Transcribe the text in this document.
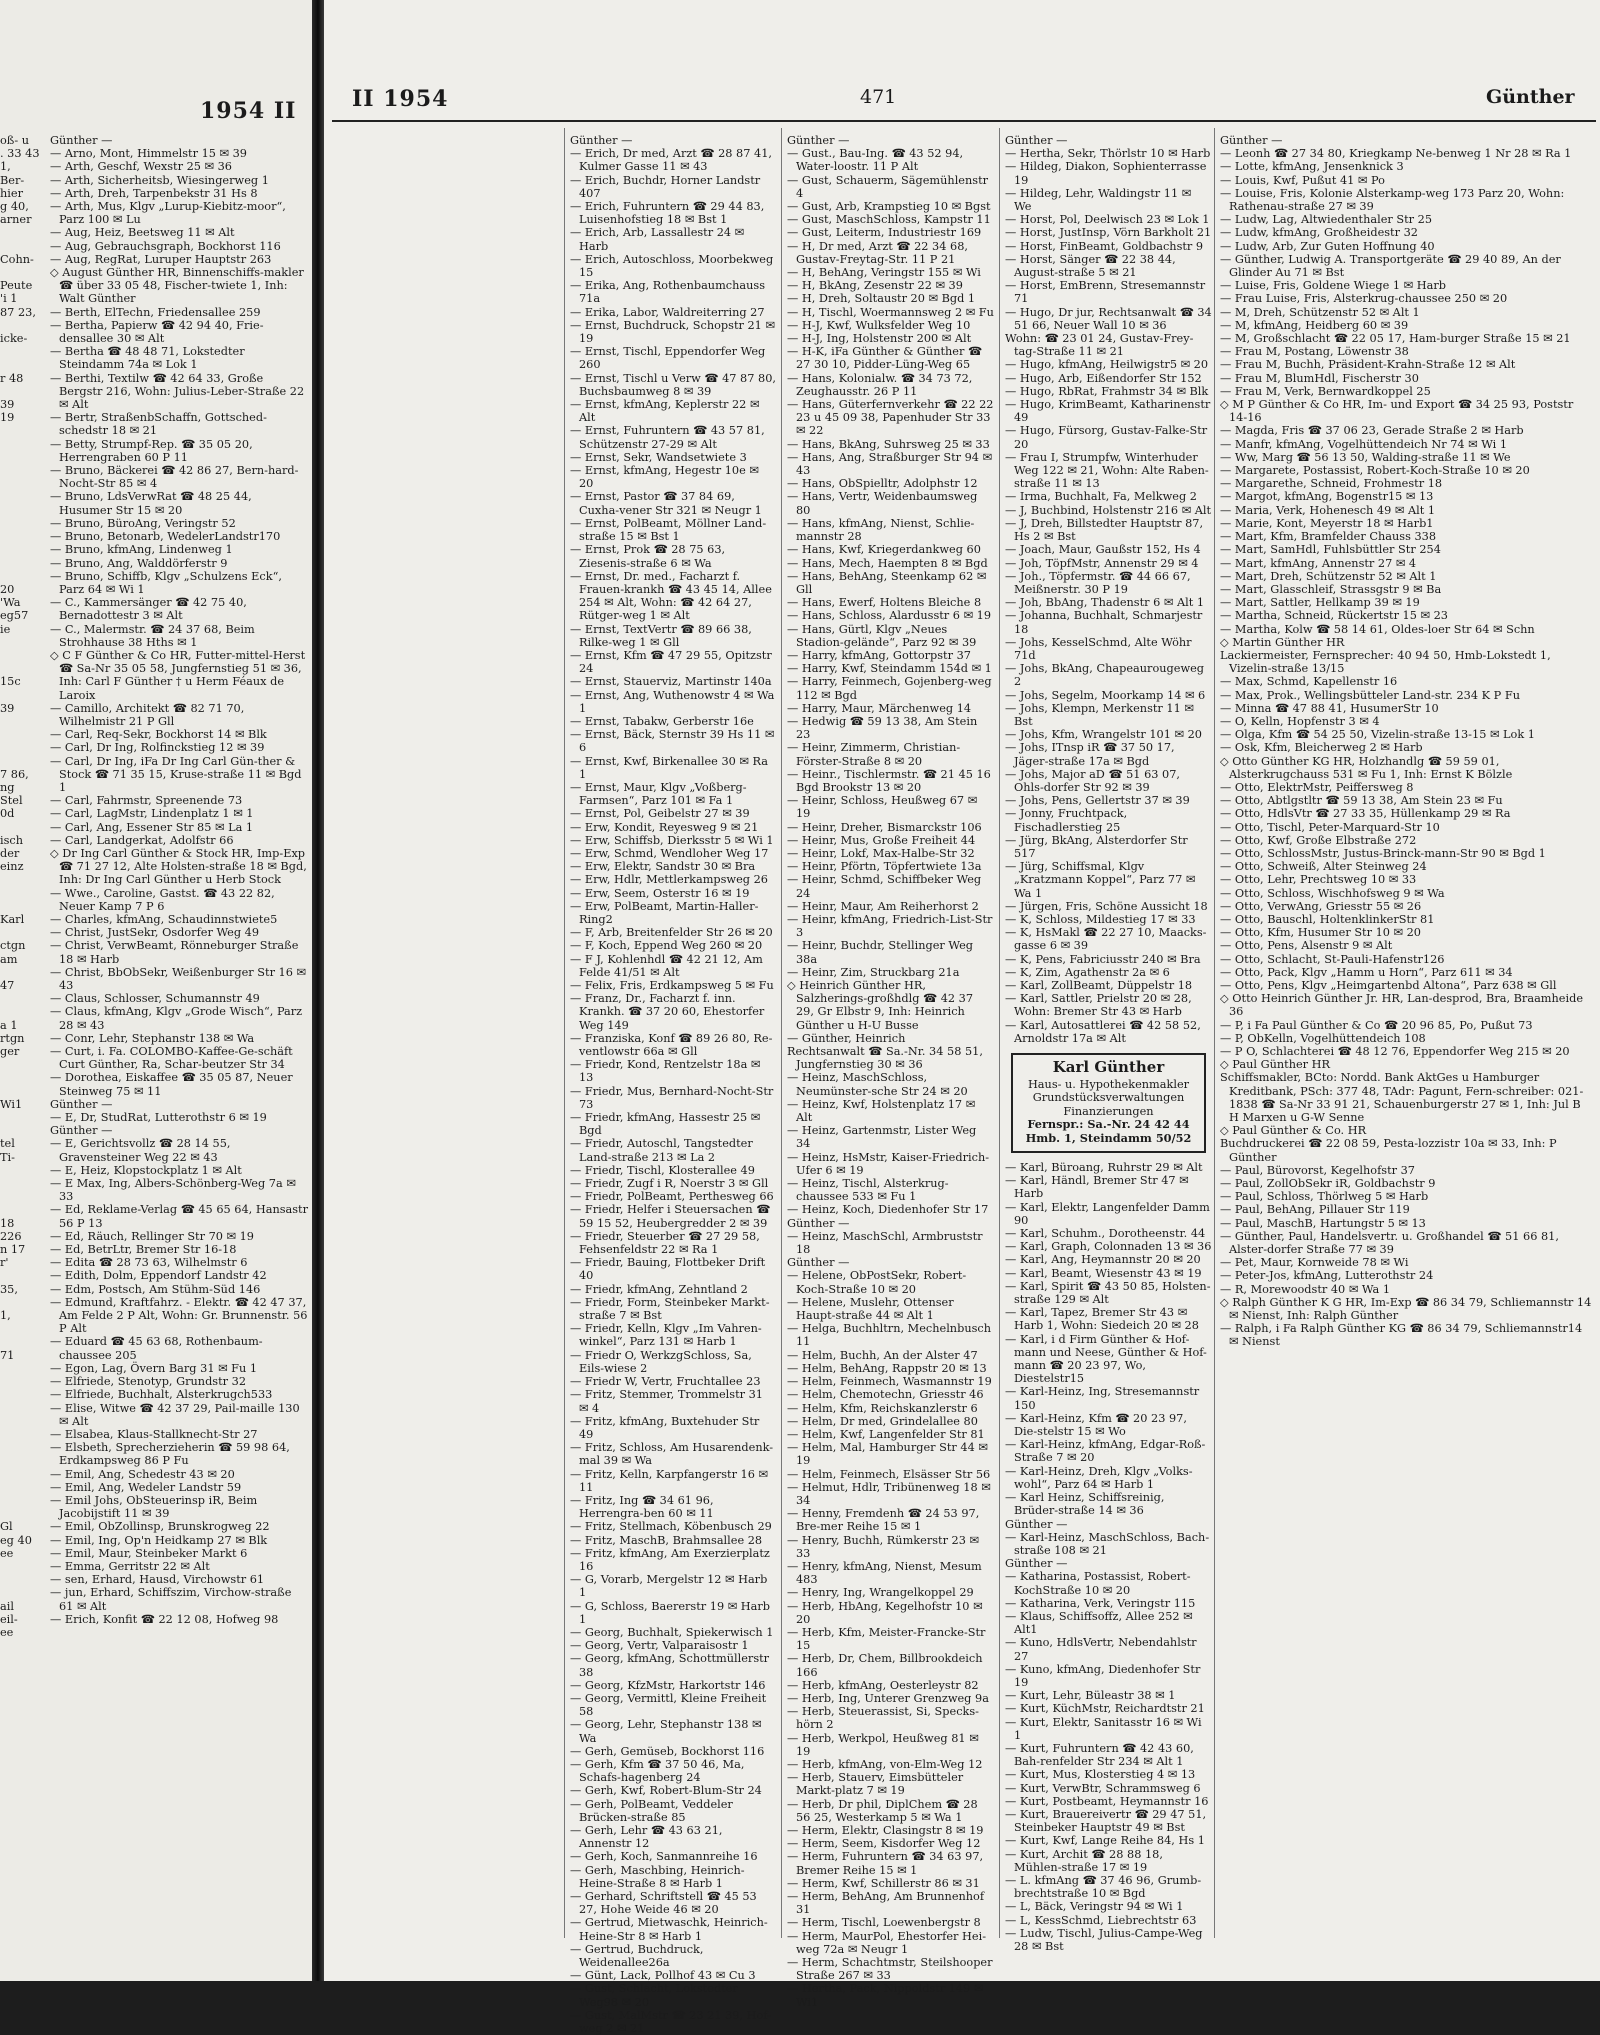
1954 II
oß- u
. 33 43
1,
Ber-
hier
g 40,
arner

Cohn-

Peute
'i 1
87 23,

icke-

r 48

39
19

20
'Wa
eg57
ie

15c

39

7 86,
ng
Stel
0d

isch
der
einz

Karl

ctgn
am

47

a 1
rtgn
ger

Wi1

tel
Ti-

18
226
n 17
r'

35,

1,

71

Gl
eg 40
ee

ail
eil-
ee
Günther —
— Arno, Mont, Himmelstr 15 ✉ 39
— Arth, Geschf, Wexstr 25 ✉ 36
— Arth, Sicherheitsb, Wiesingerweg 1
— Arth, Dreh, Tarpenbekstr 31 Hs 8
— Arth, Mus, Klgv „Lurup-Kiebitz-moor“, Parz 100 ✉ Lu
— Aug, Heiz, Beetsweg 11 ✉ Alt
— Aug, Gebrauchsgraph, Bockhorst 116
— Aug, RegRat, Luruper Hauptstr 263
◇ August Günther HR, Binnenschiffs-makler ☎ über 33 05 48, Fischer-twiete 1, Inh: Walt Günther
— Berth, ElTechn, Friedensallee 259
— Bertha, Papierw ☎ 42 94 40, Frie-densallee 30 ✉ Alt
— Bertha ☎ 48 48 71, Lokstedter Steindamm 74a ✉ Lok 1
— Berthi, Textilw ☎ 42 64 33, Große Bergstr 216, Wohn: Julius-Leber-Straße 22 ✉ Alt
— Bertr, StraßenbSchaffn, Gottsched-schedstr 18 ✉ 21
— Betty, Strumpf-Rep. ☎ 35 05 20, Herrengraben 60 P 11
— Bruno, Bäckerei ☎ 42 86 27, Bern-hard-Nocht-Str 85 ✉ 4
— Bruno, LdsVerwRat ☎ 48 25 44, Husumer Str 15 ✉ 20
— Bruno, BüroAng, Veringstr 52
— Bruno, Betonarb, WedelerLandstr170
— Bruno, kfmAng, Lindenweg 1
— Bruno, Ang, Walddörferstr 9
— Bruno, Schiffb, Klgv „Schulzens Eck“, Parz 64 ✉ Wi 1
— C., Kammersänger ☎ 42 75 40, Bernadottestr 3 ✉ Alt
— C., Malermstr. ☎ 24 37 68, Beim Strohhause 38 Hths ✉ 1
◇ C F Günther & Co HR, Futter-mittel-Herst ☎ Sa-Nr 35 05 58, Jungfernstieg 51 ✉ 36, Inh: Carl F Günther † u Herm Féaux de Laroix
— Camillo, Architekt ☎ 82 71 70, Wilhelmistr 21 P Gll
— Carl, Req-Sekr, Bockhorst 14 ✉ Blk
— Carl, Dr Ing, Rolfinckstieg 12 ✉ 39
— Carl, Dr Ing, iFa Dr Ing Carl Gün-ther & Stock ☎ 71 35 15, Kruse-straße 11 ✉ Bgd 1
— Carl, Fahrmstr, Spreenende 73
— Carl, LagMstr, Lindenplatz 1 ✉ 1
— Carl, Ang, Essener Str 85 ✉ La 1
— Carl, Landgerkat, Adolfstr 66
◇ Dr Ing Carl Günther & Stock HR, Imp-Exp ☎ 71 27 12, Alte Holsten-straße 18 ✉ Bgd, Inh: Dr Ing Carl Günther u Herb Stock
— Wwe., Caroline, Gastst. ☎ 43 22 82, Neuer Kamp 7 P 6
— Charles, kfmAng, Schaudinnstwiete5
— Christ, JustSekr, Osdorfer Weg 49
— Christ, VerwBeamt, Rönneburger Straße 18 ✉ Harb
— Christ, BbObSekr, Weißenburger Str 16 ✉ 43
— Claus, Schlosser, Schumannstr 49
— Claus, kfmAng, Klgv „Grode Wisch“, Parz 28 ✉ 43
— Conr, Lehr, Stephanstr 138 ✉ Wa
— Curt, i. Fa. COLOMBO-Kaffee-Ge-schäft Curt Günther, Ra, Schar-beutzer Str 34
— Dorothea, Eiskaffee ☎ 35 05 87, Neuer Steinweg 75 ✉ 11
Günther —
— E, Dr, StudRat, Lutterothstr 6 ✉ 19
Günther —
— E, Gerichtsvollz ☎ 28 14 55, Gravensteiner Weg 22 ✉ 43
— E, Heiz, Klopstockplatz 1 ✉ Alt
— E Max, Ing, Albers-Schönberg-Weg 7a ✉ 33
— Ed, Reklame-Verlag ☎ 45 65 64, Hansastr 56 P 13
— Ed, Räuch, Rellinger Str 70 ✉ 19
— Ed, BetrLtr, Bremer Str 16-18
— Edita ☎ 28 73 63, Wilhelmstr 6
— Edith, Dolm, Eppendorf Landstr 42
— Edm, Postsch, Am Stühm-Süd 146
— Edmund, Kraftfahrz. - Elektr. ☎ 42 47 37, Am Felde 2 P Alt, Wohn: Gr. Brunnenstr. 56 P Alt
— Eduard ☎ 45 63 68, Rothenbaum-chaussee 205
— Egon, Lag, Övern Barg 31 ✉ Fu 1
— Elfriede, Stenotyp, Grundstr 32
— Elfriede, Buchhalt, Alsterkrugch533
— Elise, Witwe ☎ 42 37 29, Pail-maille 130 ✉ Alt
— Elsabea, Klaus-Stallknecht-Str 27
— Elsbeth, Sprecherzieherin ☎ 59 98 64, Erdkampsweg 86 P Fu
— Emil, Ang, Schedestr 43 ✉ 20
— Emil, Ang, Wedeler Landstr 59
— Emil Johs, ObSteuerinsp iR, Beim Jacobijstift 11 ✉ 39
— Emil, ObZollinsp, Brunskrogweg 22
— Emil, Ing, Op'n Heidkamp 27 ✉ Blk
— Emil, Maur, Steinbeker Markt 6
— Emma, Gerritstr 22 ✉ Alt
— sen, Erhard, Hausd, Virchowstr 61
— jun, Erhard, Schiffszim, Virchow-straße 61 ✉ Alt
— Erich, Konfit ☎ 22 12 08, Hofweg 98
II 1954	471	Günther
Günther —
— Erich, Dr med, Arzt ☎ 28 87 41, Kulmer Gasse 11 ✉ 43
— Erich, Buchdr, Horner Landstr 407
— Erich, Fuhruntern ☎ 29 44 83, Luisenhofstieg 18 ✉ Bst 1
— Erich, Arb, Lassallestr 24 ✉ Harb
— Erich, Autoschloss, Moorbekweg 15
— Erika, Ang, Rothenbaumchauss 71a
— Erika, Labor, Waldreiterring 27
— Ernst, Buchdruck, Schopstr 21 ✉ 19
— Ernst, Tischl, Eppendorfer Weg 260
— Ernst, Tischl u Verw ☎ 47 87 80, Buchsbaumweg 8 ✉ 39
— Ernst, kfmAng, Keplerstr 22 ✉ Alt
— Ernst, Fuhruntern ☎ 43 57 81, Schützenstr 27-29 ✉ Alt
— Ernst, Sekr, Wandsetwiete 3
— Ernst, kfmAng, Hegestr 10e ✉ 20
— Ernst, Pastor ☎ 37 84 69, Cuxha-vener Str 321 ✉ Neugr 1
— Ernst, PolBeamt, Möllner Land-straße 15 ✉ Bst 1
— Ernst, Prok ☎ 28 75 63, Ziesenis-straße 6 ✉ Wa
— Ernst, Dr. med., Facharzt f. Frauen-krankh ☎ 43 45 14, Allee 254 ✉ Alt, Wohn: ☎ 42 64 27, Rütger-weg 1 ✉ Alt
— Ernst, TextVertr ☎ 89 66 38, Rilke-weg 1 ✉ Gll
— Ernst, Kfm ☎ 47 29 55, Opitzstr 24
— Ernst, Stauerviz, Martinstr 140a
— Ernst, Ang, Wuthenowstr 4 ✉ Wa 1
— Ernst, Tabakw, Gerberstr 16e
— Ernst, Bäck, Sternstr 39 Hs 11 ✉ 6
— Ernst, Kwf, Birkenallee 30 ✉ Ra 1
— Ernst, Maur, Klgv „Voßberg-Farmsen“, Parz 101 ✉ Fa 1
— Ernst, Pol, Geibelstr 27 ✉ 39
— Erw, Kondit, Reyesweg 9 ✉ 21
— Erw, Schiffsb, Dierksstr 5 ✉ Wi 1
— Erw, Schmd, Wendloher Weg 17
— Erw, Elektr, Sandstr 30 ✉ Bra
— Erw, Hdlr, Mettlerkampsweg 26
— Erw, Seem, Osterstr 16 ✉ 19
— Erw, PolBeamt, Martin-Haller-Ring2
— F, Arb, Breitenfelder Str 26 ✉ 20
— F, Koch, Eppend Weg 260 ✉ 20
— F J, Kohlenhdl ☎ 42 21 12, Am Felde 41/51 ✉ Alt
— Felix, Fris, Erdkampsweg 5 ✉ Fu
— Franz, Dr., Facharzt f. inn. Krankh. ☎ 37 20 60, Ehestorfer Weg 149
— Franziska, Konf ☎ 89 26 80, Re-ventlowstr 66a ✉ Gll
— Friedr, Kond, Rentzelstr 18a ✉ 13
— Friedr, Mus, Bernhard-Nocht-Str 73
— Friedr, kfmAng, Hassestr 25 ✉ Bgd
— Friedr, Autoschl, Tangstedter Land-straße 213 ✉ La 2
— Friedr, Tischl, Klosterallee 49
— Friedr, Zugf i R, Noerstr 3 ✉ Gll
— Friedr, PolBeamt, Perthesweg 66
— Friedr, Helfer i Steuersachen ☎ 59 15 52, Heubergredder 2 ✉ 39
— Friedr, Steuerber ☎ 27 29 58, Fehsenfeldstr 22 ✉ Ra 1
— Friedr, Bauing, Flottbeker Drift 40
— Friedr, kfmAng, Zehntland 2
— Friedr, Form, Steinbeker Markt-straße 7 ✉ Bst
— Friedr, Kelln, Klgv „Im Vahren-winkel“, Parz 131 ✉ Harb 1
— Friedr O, WerkzgSchloss, Sa, Eils-wiese 2
— Friedr W, Vertr, Fruchtallee 23
— Fritz, Stemmer, Trommelstr 31 ✉ 4
— Fritz, kfmAng, Buxtehuder Str 49
— Fritz, Schloss, Am Husarendenk-mal 39 ✉ Wa
— Fritz, Kelln, Karpfangerstr 16 ✉ 11
— Fritz, Ing ☎ 34 61 96, Herrengra-ben 60 ✉ 11
— Fritz, Stellmach, Köbenbusch 29
— Fritz, MaschB, Brahmsallee 28
— Fritz, kfmAng, Am Exerzierplatz 16
— G, Vorarb, Mergelstr 12 ✉ Harb 1
— G, Schloss, Baererstr 19 ✉ Harb 1
— Georg, Buchhalt, Spiekerwisch 1
— Georg, Vertr, Valparaisostr 1
— Georg, kfmAng, Schottmüllerstr 38
— Georg, KfzMstr, Harkortstr 146
— Georg, Vermittl, Kleine Freiheit 58
— Georg, Lehr, Stephanstr 138 ✉ Wa
— Gerh, Gemüseb, Bockhorst 116
— Gerh, Kfm ☎ 37 50 46, Ma, Schafs-hagenberg 24
— Gerh, Kwf, Robert-Blum-Str 24
— Gerh, PolBeamt, Veddeler Brücken-straße 85
— Gerh, Lehr ☎ 43 63 21, Annenstr 12
— Gerh, Koch, Sanmannreihe 16
— Gerh, Maschbing, Heinrich-Heine-Straße 8 ✉ Harb 1
— Gerhard, Schriftstell ☎ 45 53 27, Hohe Weide 46 ✉ 20
— Gertrud, Mietwaschk, Heinrich-Heine-Str 8 ✉ Harb 1
— Gertrud, Buchdruck, Weidenallee26a
— Günt, Lack, Pollhof 43 ✉ Cu 3
— Gust, Schlacht, Lokstedter Weg98 ✉ 20
— Gust, MalMstr ☎ 23 21 39, Hof-weg 2 ✉ 21
Günther —
— Gust., Bau-Ing. ☎ 43 52 94, Water-loostr. 11 P Alt
— Gust, Schauerm, Sägemühlenstr 4
— Gust, Arb, Krampstieg 10 ✉ Bgst
— Gust, MaschSchloss, Kampstr 11
— Gust, Leiterm, Industriestr 169
— H, Dr med, Arzt ☎ 22 34 68, Gustav-Freytag-Str. 11 P 21
— H, BehAng, Veringstr 155 ✉ Wi
— H, BkAng, Zesenstr 22 ✉ 39
— H, Dreh, Soltaustr 20 ✉ Bgd 1
— H, Tischl, Woermannsweg 2 ✉ Fu
— H-J, Kwf, Wulksfelder Weg 10
— H-J, Ing, Holstenstr 200 ✉ Alt
— H-K, iFa Günther & Günther ☎ 27 30 10, Pidder-Lüng-Weg 65
— Hans, Kolonialw. ☎ 34 73 72, Zeughausstr. 26 P 11
— Hans, Güterfernverkehr ☎ 22 22 23 u 45 09 38, Papenhuder Str 33 ✉ 22
— Hans, BkAng, Suhrsweg 25 ✉ 33
— Hans, Ang, Straßburger Str 94 ✉ 43
— Hans, ObSpielltr, Adolphstr 12
— Hans, Vertr, Weidenbaumsweg 80
— Hans, kfmAng, Nienst, Schlie-mannstr 28
— Hans, Kwf, Kriegerdankweg 60
— Hans, Mech, Haempten 8 ✉ Bgd
— Hans, BehAng, Steenkamp 62 ✉ Gll
— Hans, Ewerf, Holtens Bleiche 8
— Hans, Schloss, Alardusstr 6 ✉ 19
— Hans, Gürtl, Klgv „Neues Stadion-gelände“, Parz 92 ✉ 39
— Harry, kfmAng, Gottorpstr 37
— Harry, Kwf, Steindamm 154d ✉ 1
— Harry, Feinmech, Gojenberg-weg 112 ✉ Bgd
— Harry, Maur, Märchenweg 14
— Hedwig ☎ 59 13 38, Am Stein 23
— Heinr, Zimmerm, Christian-Förster-Straße 8 ✉ 20
— Heinr., Tischlermstr. ☎ 21 45 16 Bgd Brookstr 13 ✉ 20
— Heinr, Schloss, Heußweg 67 ✉ 19
— Heinr, Dreher, Bismarckstr 106
— Heinr, Mus, Große Freiheit 44
— Heinr, Lokf, Max-Halbe-Str 32
— Heinr, Pförtn, Töpfertwiete 13a
— Heinr, Schmd, Schiffbeker Weg 24
— Heinr, Maur, Am Reiherhorst 2
— Heinr, kfmAng, Friedrich-List-Str 3
— Heinr, Buchdr, Stellinger Weg 38a
— Heinr, Zim, Struckbarg 21a
◇ Heinrich Günther HR, Salzherings-großhdlg ☎ 42 37 29, Gr Elbstr 9, Inh: Heinrich Günther u H-U Busse
— Günther, Heinrich
Rechtsanwalt ☎ Sa.-Nr. 34 58 51, Jungfernstieg 30 ✉ 36
— Heinz, MaschSchloss, Neumünster-sche Str 24 ✉ 20
— Heinz, Kwf, Holstenplatz 17 ✉ Alt
— Heinz, Gartenmstr, Lister Weg 34
— Heinz, HsMstr, Kaiser-Friedrich-Ufer 6 ✉ 19
— Heinz, Tischl, Alsterkrug-chaussee 533 ✉ Fu 1
— Heinz, Koch, Diedenhofer Str 17
Günther —
— Heinz, MaschSchl, Armbruststr 18
Günther —
— Helene, ObPostSekr, Robert-Koch-Straße 10 ✉ 20
— Helene, Muslehr, Ottenser Haupt-straße 44 ✉ Alt 1
— Helga, Buchhltrn, Mechelnbusch 11
— Helm, Buchh, An der Alster 47
— Helm, BehAng, Rappstr 20 ✉ 13
— Helm, Feinmech, Wasmannstr 19
— Helm, Chemotechn, Griesstr 46
— Helm, Kfm, Reichskanzlerstr 6
— Helm, Dr med, Grindelallee 80
— Helm, Kwf, Langenfelder Str 81
— Helm, Mal, Hamburger Str 44 ✉ 19
— Helm, Feinmech, Elsässer Str 56
— Helmut, Hdlr, Tribünenweg 18 ✉ 34
— Henny, Fremdenh ☎ 24 53 97, Bre-mer Reihe 15 ✉ 1
— Henry, Buchh, Rümkerstr 23 ✉ 33
— Henry, kfmAng, Nienst, Mesum 483
— Henry, Ing, Wrangelkoppel 29
— Herb, HbAng, Kegelhofstr 10 ✉ 20
— Herb, Kfm, Meister-Francke-Str 15
— Herb, Dr, Chem, Billbrookdeich 166
— Herb, kfmAng, Oesterleystr 82
— Herb, Ing, Unterer Grenzweg 9a
— Herb, Steuerassist, Si, Specks-hörn 2
— Herb, Werkpol, Heußweg 81 ✉ 19
— Herb, kfmAng, von-Elm-Weg 12
— Herb, Stauerv, Eimsbütteler Markt-platz 7 ✉ 19
— Herb, Dr phil, DiplChem ☎ 28 56 25, Westerkamp 5 ✉ Wa 1
— Herm, Elektr, Clasingstr 8 ✉ 19
— Herm, Seem, Kisdorfer Weg 12
— Herm, Fuhruntern ☎ 34 63 97, Bremer Reihe 15 ✉ 1
— Herm, Kwf, Schillerstr 86 ✉ 31
— Herm, BehAng, Am Brunnenhof 31
— Herm, Tischl, Loewenbergstr 8
— Herm, MaurPol, Ehestorfer Hei-weg 72a ✉ Neugr 1
— Herm, Schachtmstr, Steilshooper Straße 267 ✉ 33
— Hertha, Pack, Nippoldstr 149 ✉ Wi1
Günther —
— Hertha, Sekr, Thörlstr 10 ✉ Harb
— Hildeg, Diakon, Sophienterrasse 19
— Hildeg, Lehr, Waldingstr 11 ✉ We
— Horst, Pol, Deelwisch 23 ✉ Lok 1
— Horst, JustInsp, Vörn Barkholt 21
— Horst, FinBeamt, Goldbachstr 9
— Horst, Sänger ☎ 22 38 44, August-straße 5 ✉ 21
— Horst, EmBrenn, Stresemannstr 71
— Hugo, Dr jur, Rechtsanwalt ☎ 34 51 66, Neuer Wall 10 ✉ 36
Wohn: ☎ 23 01 24, Gustav-Frey-tag-Straße 11 ✉ 21
— Hugo, kfmAng, Heilwigstr5 ✉ 20
— Hugo, Arb, Eißendorfer Str 152
— Hugo, RbRat, Frahmstr 34 ✉ Blk
— Hugo, KrimBeamt, Katharinenstr 49
— Hugo, Fürsorg, Gustav-Falke-Str 20
— Frau I, Strumpfw, Winterhuder Weg 122 ✉ 21, Wohn: Alte Raben-straße 11 ✉ 13
— Irma, Buchhalt, Fa, Melkweg 2
— J, Buchbind, Holstenstr 216 ✉ Alt
— J, Dreh, Billstedter Hauptstr 87, Hs 2 ✉ Bst
— Joach, Maur, Gaußstr 152, Hs 4
— Joh, TöpfMstr, Annenstr 29 ✉ 4
— Joh., Töpfermstr. ☎ 44 66 67, Meißnerstr. 30 P 19
— Joh, BbAng, Thadenstr 6 ✉ Alt 1
— Johanna, Buchhalt, Schmarjestr 18
— Johs, KesselSchmd, Alte Wöhr 71d
— Johs, BkAng, Chapeaurougeweg 2
— Johs, Segelm, Moorkamp 14 ✉ 6
— Johs, Klempn, Merkenstr 11 ✉ Bst
— Johs, Kfm, Wrangelstr 101 ✉ 20
— Johs, ITnsp iR ☎ 37 50 17, Jäger-straße 17a ✉ Bgd
— Johs, Major aD ☎ 51 63 07, Ohls-dorfer Str 92 ✉ 39
— Johs, Pens, Gellertstr 37 ✉ 39
— Jonny, Fruchtpack, Fischadlerstieg 25
— Jürg, BkAng, Alsterdorfer Str 517
— Jürg, Schiffsmal, Klgv „Kratzmann Koppel“, Parz 77 ✉ Wa 1
— Jürgen, Fris, Schöne Aussicht 18
— K, Schloss, Mildestieg 17 ✉ 33
— K, HsMakl ☎ 22 27 10, Maacks-gasse 6 ✉ 39
— K, Pens, Fabriciusstr 240 ✉ Bra
— K, Zim, Agathenstr 2a ✉ 6
— Karl, ZollBeamt, Düppelstr 18
— Karl, Sattler, Prielstr 20 ✉ 28, Wohn: Bremer Str 43 ✉ Harb
— Karl, Autosattlerei ☎ 42 58 52, Arnoldstr 17a ✉ Alt
Karl Günther
Haus- u. Hypothekenmakler
Grundstücksverwaltungen
Finanzierungen
Fernspr.: Sa.-Nr. 24 42 44
Hmb. 1, Steindamm 50/52
— Karl, Büroang, Ruhrstr 29 ✉ Alt
— Karl, Händl, Bremer Str 47 ✉ Harb
— Karl, Elektr, Langenfelder Damm 90
— Karl, Schuhm., Dorotheenstr. 44
— Karl, Graph, Colonnaden 13 ✉ 36
— Karl, Ang, Heymannstr 20 ✉ 20
— Karl, Beamt, Wiesenstr 43 ✉ 19
— Karl, Spirit ☎ 43 50 85, Holsten-straße 129 ✉ Alt
— Karl, Tapez, Bremer Str 43 ✉ Harb 1, Wohn: Siedeich 20 ✉ 28
— Karl, i d Firm Günther & Hof-mann und Neese, Günther & Hof-mann ☎ 20 23 97, Wo, Diestelstr15
— Karl-Heinz, Ing, Stresemannstr 150
— Karl-Heinz, Kfm ☎ 20 23 97, Die-stelstr 15 ✉ Wo
— Karl-Heinz, kfmAng, Edgar-Roß-Straße 7 ✉ 20
— Karl-Heinz, Dreh, Klgv „Volks-wohl“, Parz 64 ✉ Harb 1
— Karl Heinz, Schiffsreinig, Brüder-straße 14 ✉ 36
Günther —
— Karl-Heinz, MaschSchloss, Bach-straße 108 ✉ 21
Günther —
— Katharina, Postassist, Robert-KochStraße 10 ✉ 20
— Katharina, Verk, Veringstr 115
— Klaus, Schiffsoffz, Allee 252 ✉ Alt1
— Kuno, HdlsVertr, Nebendahlstr 27
— Kuno, kfmAng, Diedenhofer Str 19
— Kurt, Lehr, Büleastr 38 ✉ 1
— Kurt, KüchMstr, Reichardtstr 21
— Kurt, Elektr, Sanitasstr 16 ✉ Wi 1
— Kurt, Fuhruntern ☎ 42 43 60, Bah-renfelder Str 234 ✉ Alt 1
— Kurt, Mus, Klosterstieg 4 ✉ 13
— Kurt, VerwBtr, Schrammsweg 6
— Kurt, Postbeamt, Heymannstr 16
— Kurt, Brauereivertr ☎ 29 47 51, Steinbeker Hauptstr 49 ✉ Bst
— Kurt, Kwf, Lange Reihe 84, Hs 1
— Kurt, Archit ☎ 28 88 18, Mühlen-straße 17 ✉ 19
— L. kfmAng ☎ 37 46 96, Grumb-brechtstraße 10 ✉ Bgd
— L, Bäck, Veringstr 94 ✉ Wi 1
— L, KessSchmd, Liebrechtstr 63
— Ludw, Tischl, Julius-Campe-Weg 28 ✉ Bst
Günther —
— Leonh ☎ 27 34 80, Kriegkamp Ne-benweg 1 Nr 28 ✉ Ra 1
— Lotte, kfmAng, Jensenknick 3
— Louis, Kwf, Pußut 41 ✉ Po
— Louise, Fris, Kolonie Alsterkamp-weg 173 Parz 20, Wohn: Rathenau-straße 27 ✉ 39
— Ludw, Lag, Altwiedenthaler Str 25
— Ludw, kfmAng, Großheidestr 32
— Ludw, Arb, Zur Guten Hoffnung 40
— Günther, Ludwig A. Transportgeräte ☎ 29 40 89, An der Glinder Au 71 ✉ Bst
— Luise, Fris, Goldene Wiege 1 ✉ Harb
— Frau Luise, Fris, Alsterkrug-chaussee 250 ✉ 20
— M, Dreh, Schützenstr 52 ✉ Alt 1
— M, kfmAng, Heidberg 60 ✉ 39
— M, Großschlacht ☎ 22 05 17, Ham-burger Straße 15 ✉ 21
— Frau M, Postang, Löwenstr 38
— Frau M, Buchh, Präsident-Krahn-Straße 12 ✉ Alt
— Frau M, BlumHdl, Fischerstr 30
— Frau M, Verk, Bernwardkoppel 25
◇ M P Günther & Co HR, Im- und Export ☎ 34 25 93, Poststr 14-16
— Magda, Fris ☎ 37 06 23, Gerade Straße 2 ✉ Harb
— Manfr, kfmAng, Vogelhüttendeich Nr 74 ✉ Wi 1
— Ww, Marg ☎ 56 13 50, Walding-straße 11 ✉ We
— Margarete, Postassist, Robert-Koch-Straße 10 ✉ 20
— Margarethe, Schneid, Frohmestr 18
— Margot, kfmAng, Bogenstr15 ✉ 13
— Maria, Verk, Hohenesch 49 ✉ Alt 1
— Marie, Kont, Meyerstr 18 ✉ Harb1
— Mart, Kfm, Bramfelder Chauss 338
— Mart, SamHdl, Fuhlsbüttler Str 254
— Mart, kfmAng, Annenstr 27 ✉ 4
— Mart, Dreh, Schützenstr 52 ✉ Alt 1
— Mart, Glasschleif, Strassgstr 9 ✉ Ba
— Mart, Sattler, Hellkamp 39 ✉ 19
— Martha, Schneid, Rückertstr 15 ✉ 23
— Martha, Kolw ☎ 58 14 61, Oldes-loer Str 64 ✉ Schn
◇ Martin Günther HR
Lackiermeister, Fernsprecher: 40 94 50, Hmb-Lokstedt 1, Vizelin-straße 13/15
— Max, Schmd, Kapellenstr 16
— Max, Prok., Wellingsbütteler Land-str. 234 K P Fu
— Minna ☎ 47 88 41, HusumerStr 10
— O, Kelln, Hopfenstr 3 ✉ 4
— Olga, Kfm ☎ 54 25 50, Vizelin-straße 13-15 ✉ Lok 1
— Osk, Kfm, Bleicherweg 2 ✉ Harb
◇ Otto Günther KG HR, Holzhandlg ☎ 59 59 01, Alsterkrugchauss 531 ✉ Fu 1, Inh: Ernst K Bölzle
— Otto, ElektrMstr, Peiffersweg 8
— Otto, Abtlgstltr ☎ 59 13 38, Am Stein 23 ✉ Fu
— Otto, HdlsVtr ☎ 27 33 35, Hüllenkamp 29 ✉ Ra
— Otto, Tischl, Peter-Marquard-Str 10
— Otto, Kwf, Große Elbstraße 272
— Otto, SchlossMstr, Justus-Brinck-mann-Str 90 ✉ Bgd 1
— Otto, Schweiß, Alter Steinweg 24
— Otto, Lehr, Prechtsweg 10 ✉ 33
— Otto, Schloss, Wischhofsweg 9 ✉ Wa
— Otto, VerwAng, Griesstr 55 ✉ 26
— Otto, Bauschl, HoltenklinkerStr 81
— Otto, Kfm, Husumer Str 10 ✉ 20
— Otto, Pens, Alsenstr 9 ✉ Alt
— Otto, Schlacht, St-Pauli-Hafenstr126
— Otto, Pack, Klgv „Hamm u Horn“, Parz 611 ✉ 34
— Otto, Pens, Klgv „Heimgartenbd Altona“, Parz 638 ✉ Gll
◇ Otto Heinrich Günther Jr. HR, Lan-desprod, Bra, Braamheide 36
— P, i Fa Paul Günther & Co ☎ 20 96 85, Po, Pußut 73
— P, ObKelln, Vogelhüttendeich 108
— P O, Schlachterei ☎ 48 12 76, Eppendorfer Weg 215 ✉ 20
◇ Paul Günther HR
Schiffsmakler, BCto: Nordd. Bank AktGes u Hamburger Kreditbank, PSch: 377 48, TAdr: Pagunt, Fern-schreiber: 021-1838 ☎ Sa-Nr 33 91 21, Schauenburgerstr 27 ✉ 1, Inh: Jul B H Marxen u G-W Senne
◇ Paul Günther & Co. HR
Buchdruckerei ☎ 22 08 59, Pesta-lozzistr 10a ✉ 33, Inh: P Günther
— Paul, Bürovorst, Kegelhofstr 37
— Paul, ZollObSekr iR, Goldbachstr 9
— Paul, Schloss, Thörlweg 5 ✉ Harb
— Paul, BehAng, Pillauer Str 119
— Paul, MaschB, Hartungstr 5 ✉ 13
— Günther, Paul, Handelsvertr. u. Großhandel ☎ 51 66 81, Alster-dorfer Straße 77 ✉ 39
— Pet, Maur, Kornweide 78 ✉ Wi
— Peter-Jos, kfmAng, Lutterothstr 24
— R, Morewoodstr 40 ✉ Wa 1
◇ Ralph Günther K G HR, Im-Exp ☎ 86 34 79, Schliemannstr 14 ✉ Nienst, Inh: Ralph Günther
— Ralph, i Fa Ralph Günther KG ☎ 86 34 79, Schliemannstr14 ✉ Nienst
